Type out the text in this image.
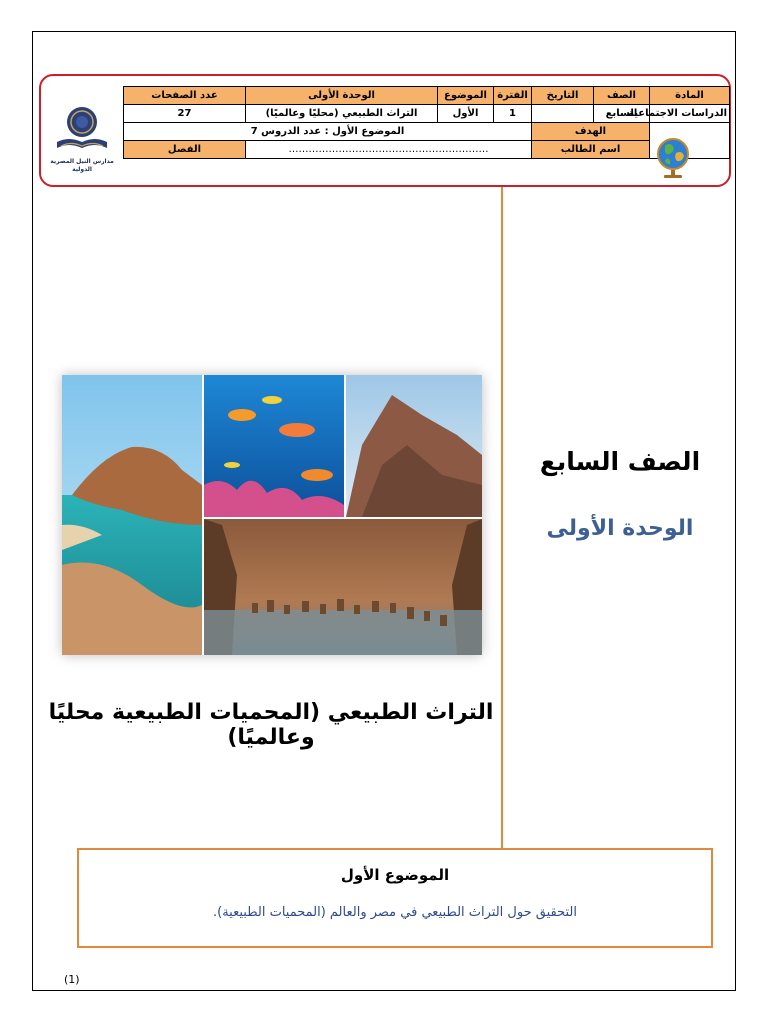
المادة	الصف	التاريخ	الفترة	الموضوع	الوحدة الأولى	عدد الصفحات	
الدراسات الاجتماعية	السابع		1	الأول	التراث الطبيعي (محليًا وعالميًا)	27	
	الهدف		الموضوع الأول : عدد الدروس 7				
	اسم الطالب		……………………………………………………			الفصل	
مدارس النيل المصرية الدولية
الصف السابع
الوحدة الأولى
التراث الطبيعي (المحميات الطبيعية محليًا وعالميًا)
الموضوع الأول
التحقيق حول التراث الطبيعي في مصر والعالم (المحميات الطبيعية).
(1)
